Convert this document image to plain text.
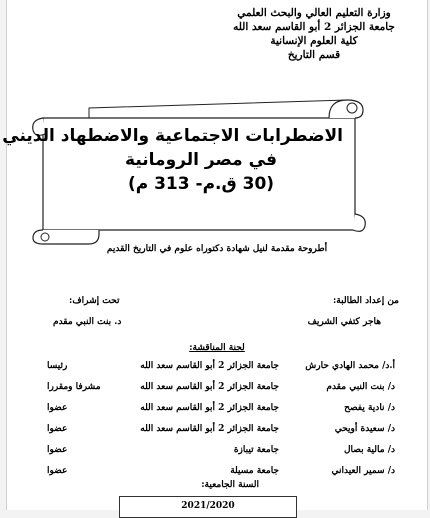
وزارة التعليم العالي والبحث العلمي
جامعة الجزائر 2 أبو القاسم سعد الله
كلية العلوم الإنسانية
قسم التاريخ
الاضطرابات الاجتماعية والاضطهاد الديني
في مصر الرومانية
(30 ق.م- 313 م)
أطروحة مقدمة لنيل شهادة دكتوراه علوم في التاريخ القديم
من إعداد الطالبة:
هاجر كتفي الشريف
تحت إشراف:
د. بنت النبي مقدم
لجنة المناقشة:
أ.د/ محمد الهادي حارش
جامعة الجزائر 2 أبو القاسم سعد الله
رئيسا
د/ بنت النبي مقدم
جامعة الجزائر 2 أبو القاسم سعد الله
مشرفا ومقررا
د/ نادية يفصح
جامعة الجزائر 2 أبو القاسم سعد الله
عضوا
د/ سعيدة أويحي
جامعة الجزائر 2 أبو القاسم سعد الله
عضوا
د/ مالية بصال
جامعة تيبازة
عضوا
د/ سمير العيداني
جامعة مسيلة
عضوا
السنة الجامعية:
2021/2020
